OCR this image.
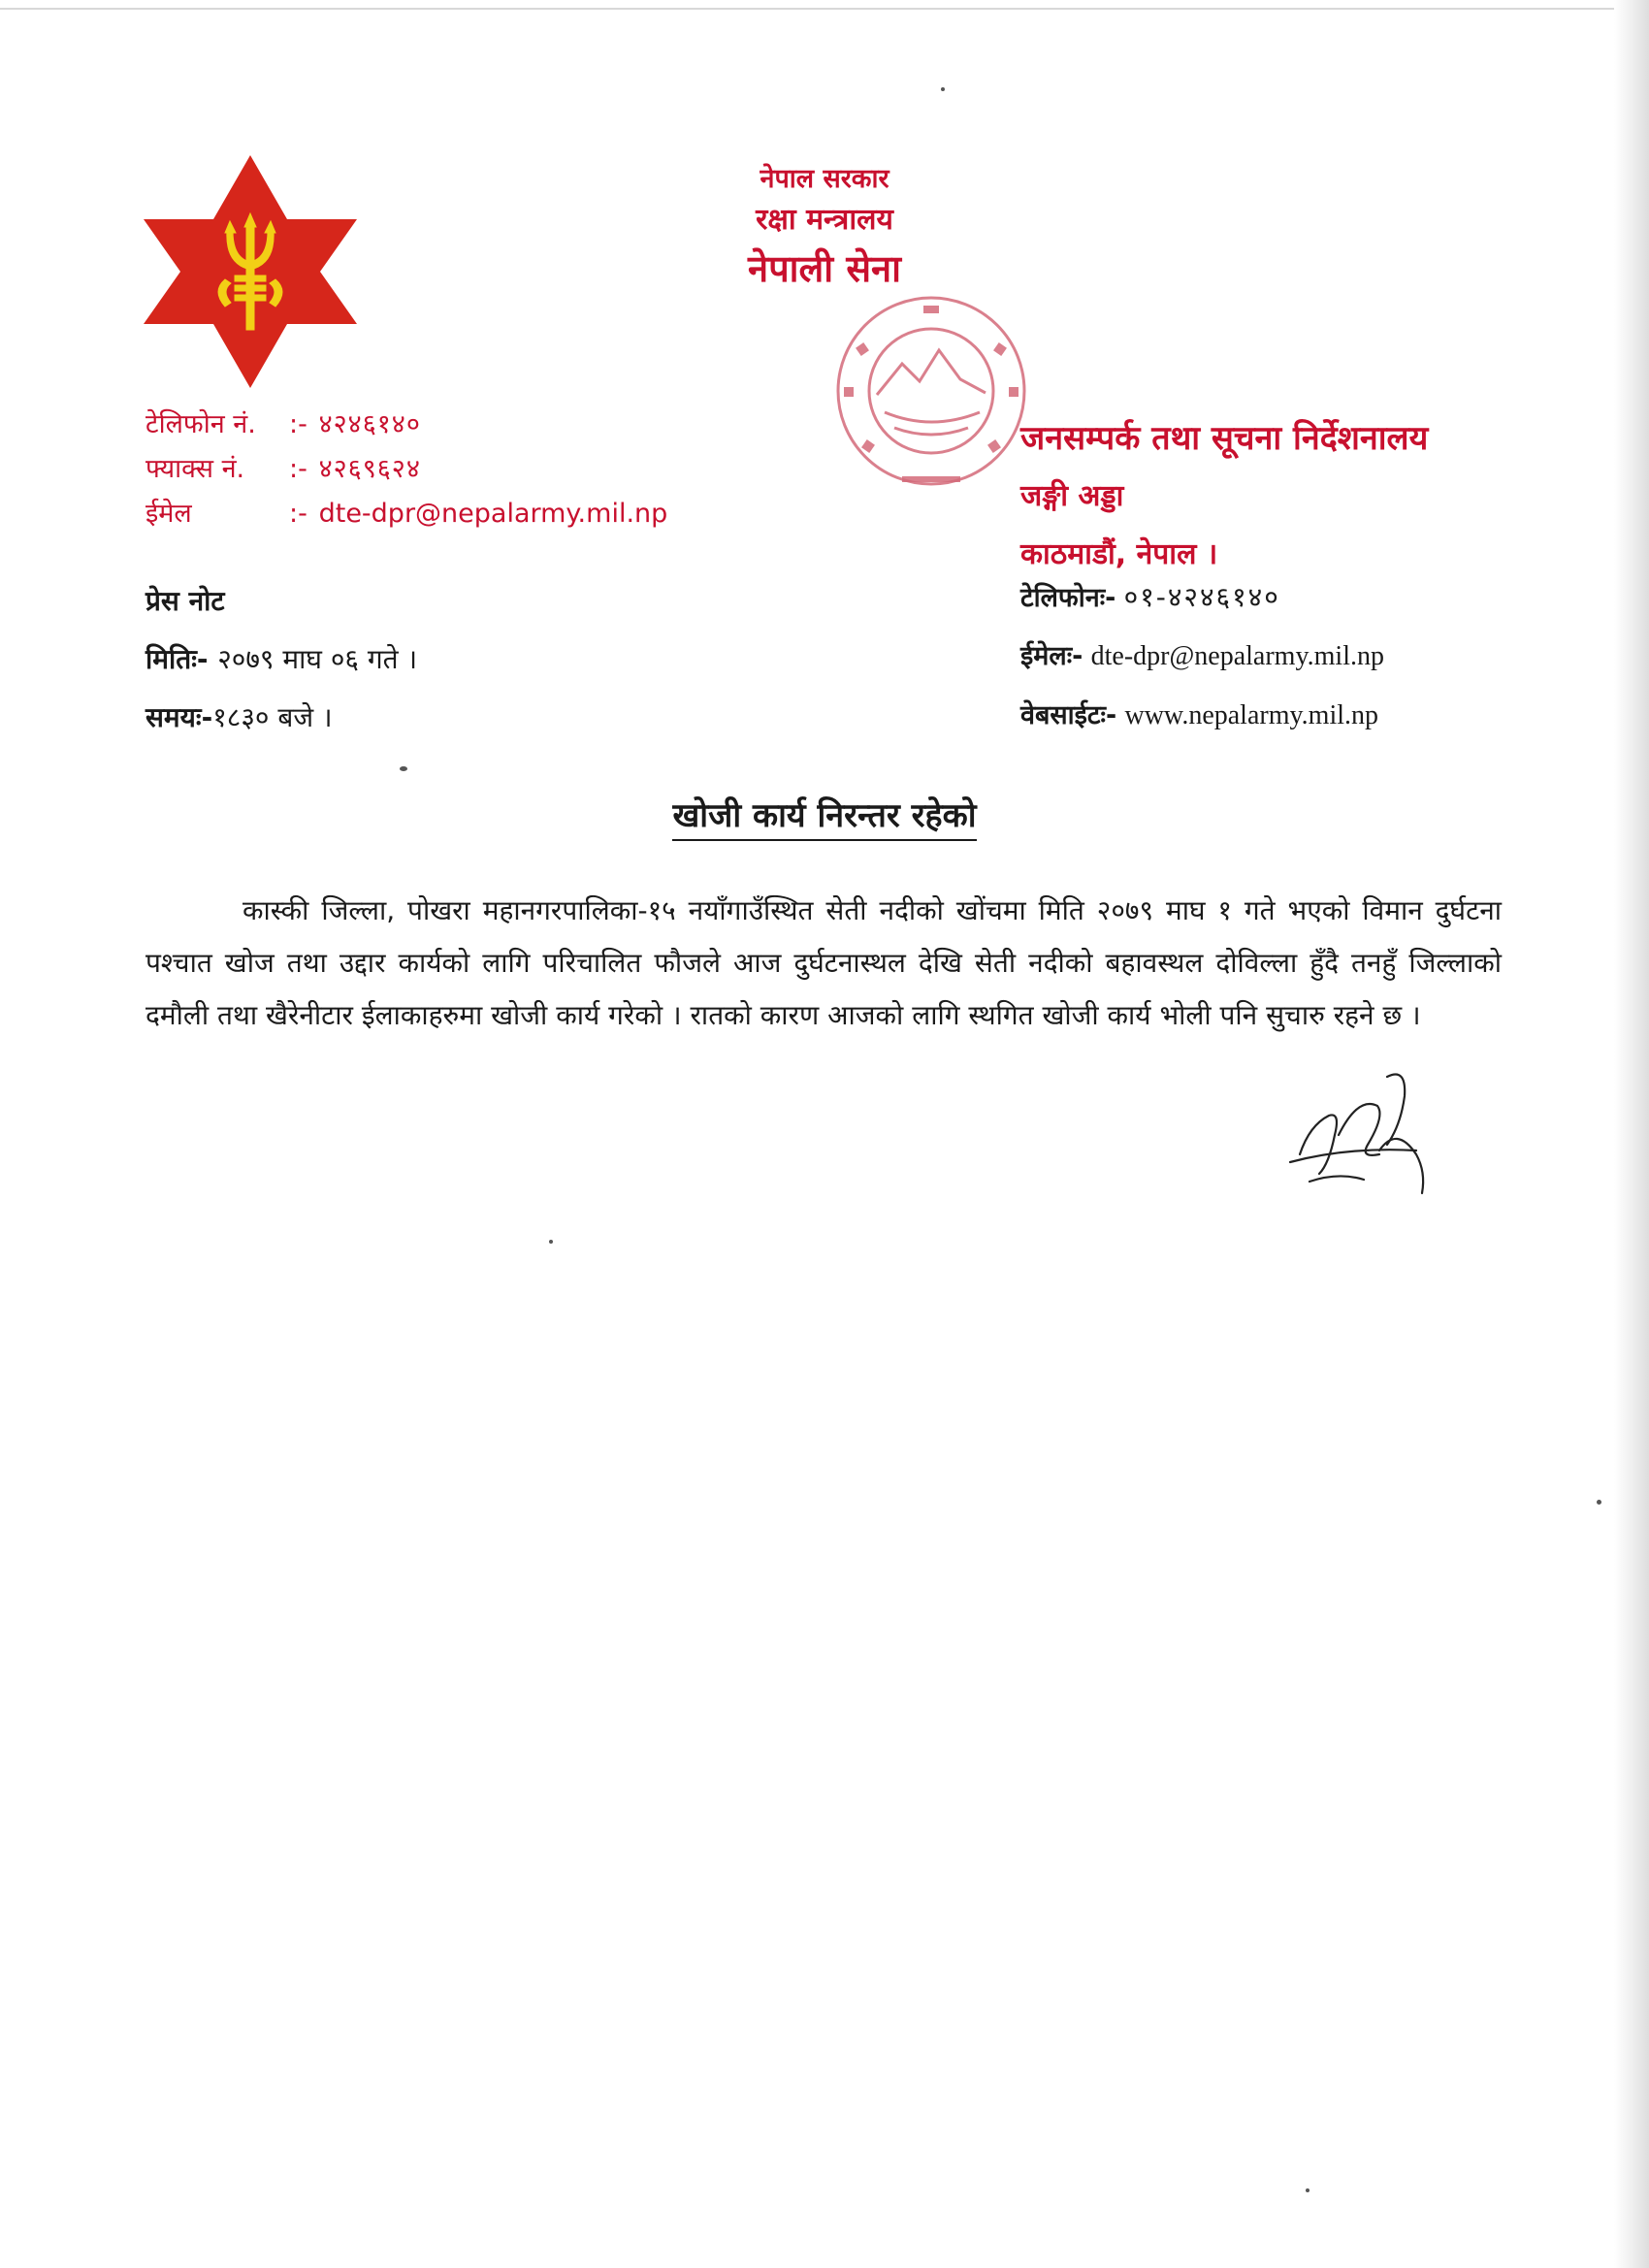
नेपाल सरकार
रक्षा मन्त्रालय
नेपाली सेना
टेलिफोन नं. :- ४२४६१४०
फ्याक्स नं. :- ४२६९६२४
ईमेल	:- dte-dpr@nepalarmy.mil.np
जनसम्पर्क तथा सूचना निर्देशनालय
जङ्गी अड्डा
काठमाडौं, नेपाल ।
टेलिफोनः- ०१-४२४६१४०
ईमेलः- dte-dpr@nepalarmy.mil.np
वेबसाईटः- www.nepalarmy.mil.np
प्रेस नोट
मितिः- २०७९ माघ ०६ गते ।
समयः-१८३० बजे ।
खोजी कार्य निरन्तर रहेको

कास्की जिल्ला, पोखरा महानगरपालिका-१५ नयाँगाउँस्थित सेती नदीको खोंचमा मिति २०७९ माघ १ गते भएको विमान दुर्घटना पश्चात खोज तथा उद्दार कार्यको लागि परिचालित फौजले आज दुर्घटनास्थल देखि सेती नदीको बहावस्थल दोविल्ला हुँदै तनहुँ जिल्लाको दमौली तथा खैरेनीटार ईलाकाहरुमा खोजी कार्य गरेको । रातको कारण आजको लागि स्थगित खोजी कार्य भोली पनि सुचारु रहने छ ।
